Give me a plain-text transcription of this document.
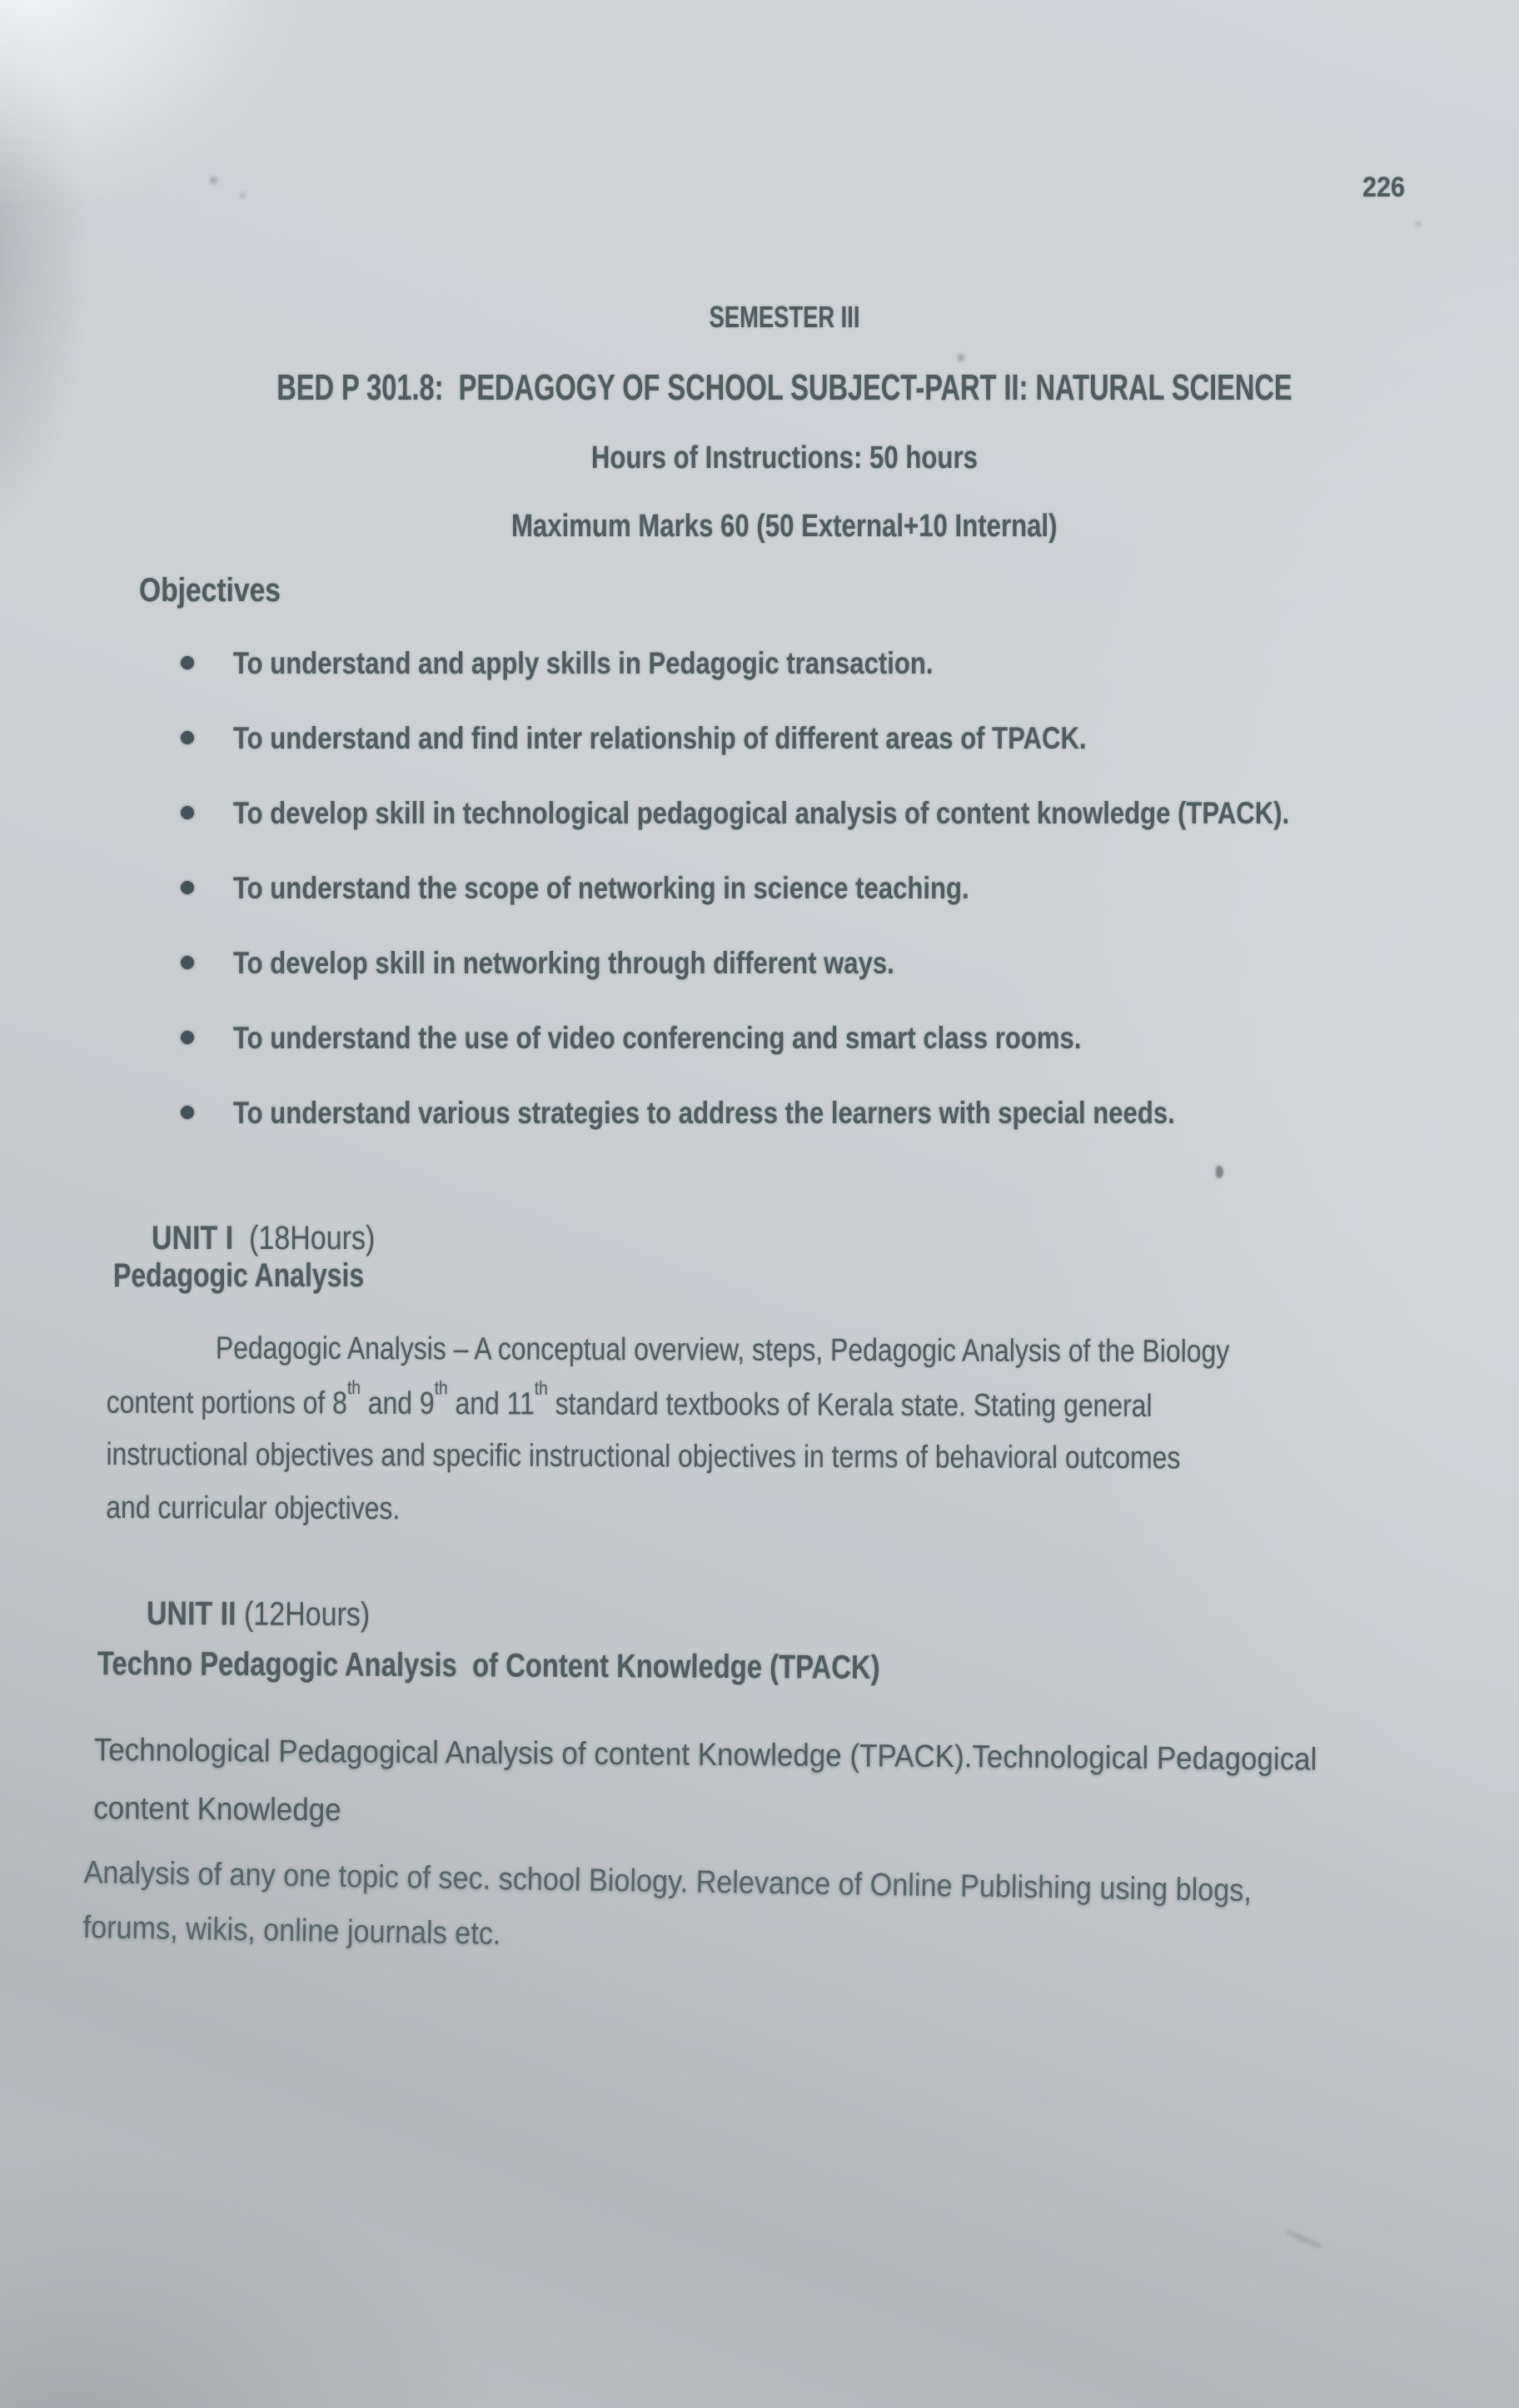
226
SEMESTER III
BED P 301.8:  PEDAGOGY OF SCHOOL SUBJECT-PART II: NATURAL SCIENCE
Hours of Instructions: 50 hours
Maximum Marks 60 (50 External+10 Internal)
Objectives
To understand and apply skills in Pedagogic transaction.
To understand and find inter relationship of different areas of TPACK.
To develop skill in technological pedagogical analysis of content knowledge (TPACK).
To understand the scope of networking in science teaching.
To develop skill in networking through different ways.
To understand the use of video conferencing and smart class rooms.
To understand various strategies to address the learners with special needs.

UNIT I (18Hours)

Pedagogic Analysis
Pedagogic Analysis – A conceptual overview, steps, Pedagogic Analysis of the Biology
content portions of 8th and 9th and 11th standard textbooks of Kerala state. Stating general
instructional objectives and specific instructional objectives in terms of behavioral outcomes
and curricular objectives.

UNIT II (12Hours)

Techno Pedagogic Analysis  of Content Knowledge (TPACK)
Technological Pedagogical Analysis of content Knowledge (TPACK).Technological Pedagogical
content Knowledge
Analysis of any one topic of sec. school Biology. Relevance of Online Publishing using blogs,
forums, wikis, online journals etc.
